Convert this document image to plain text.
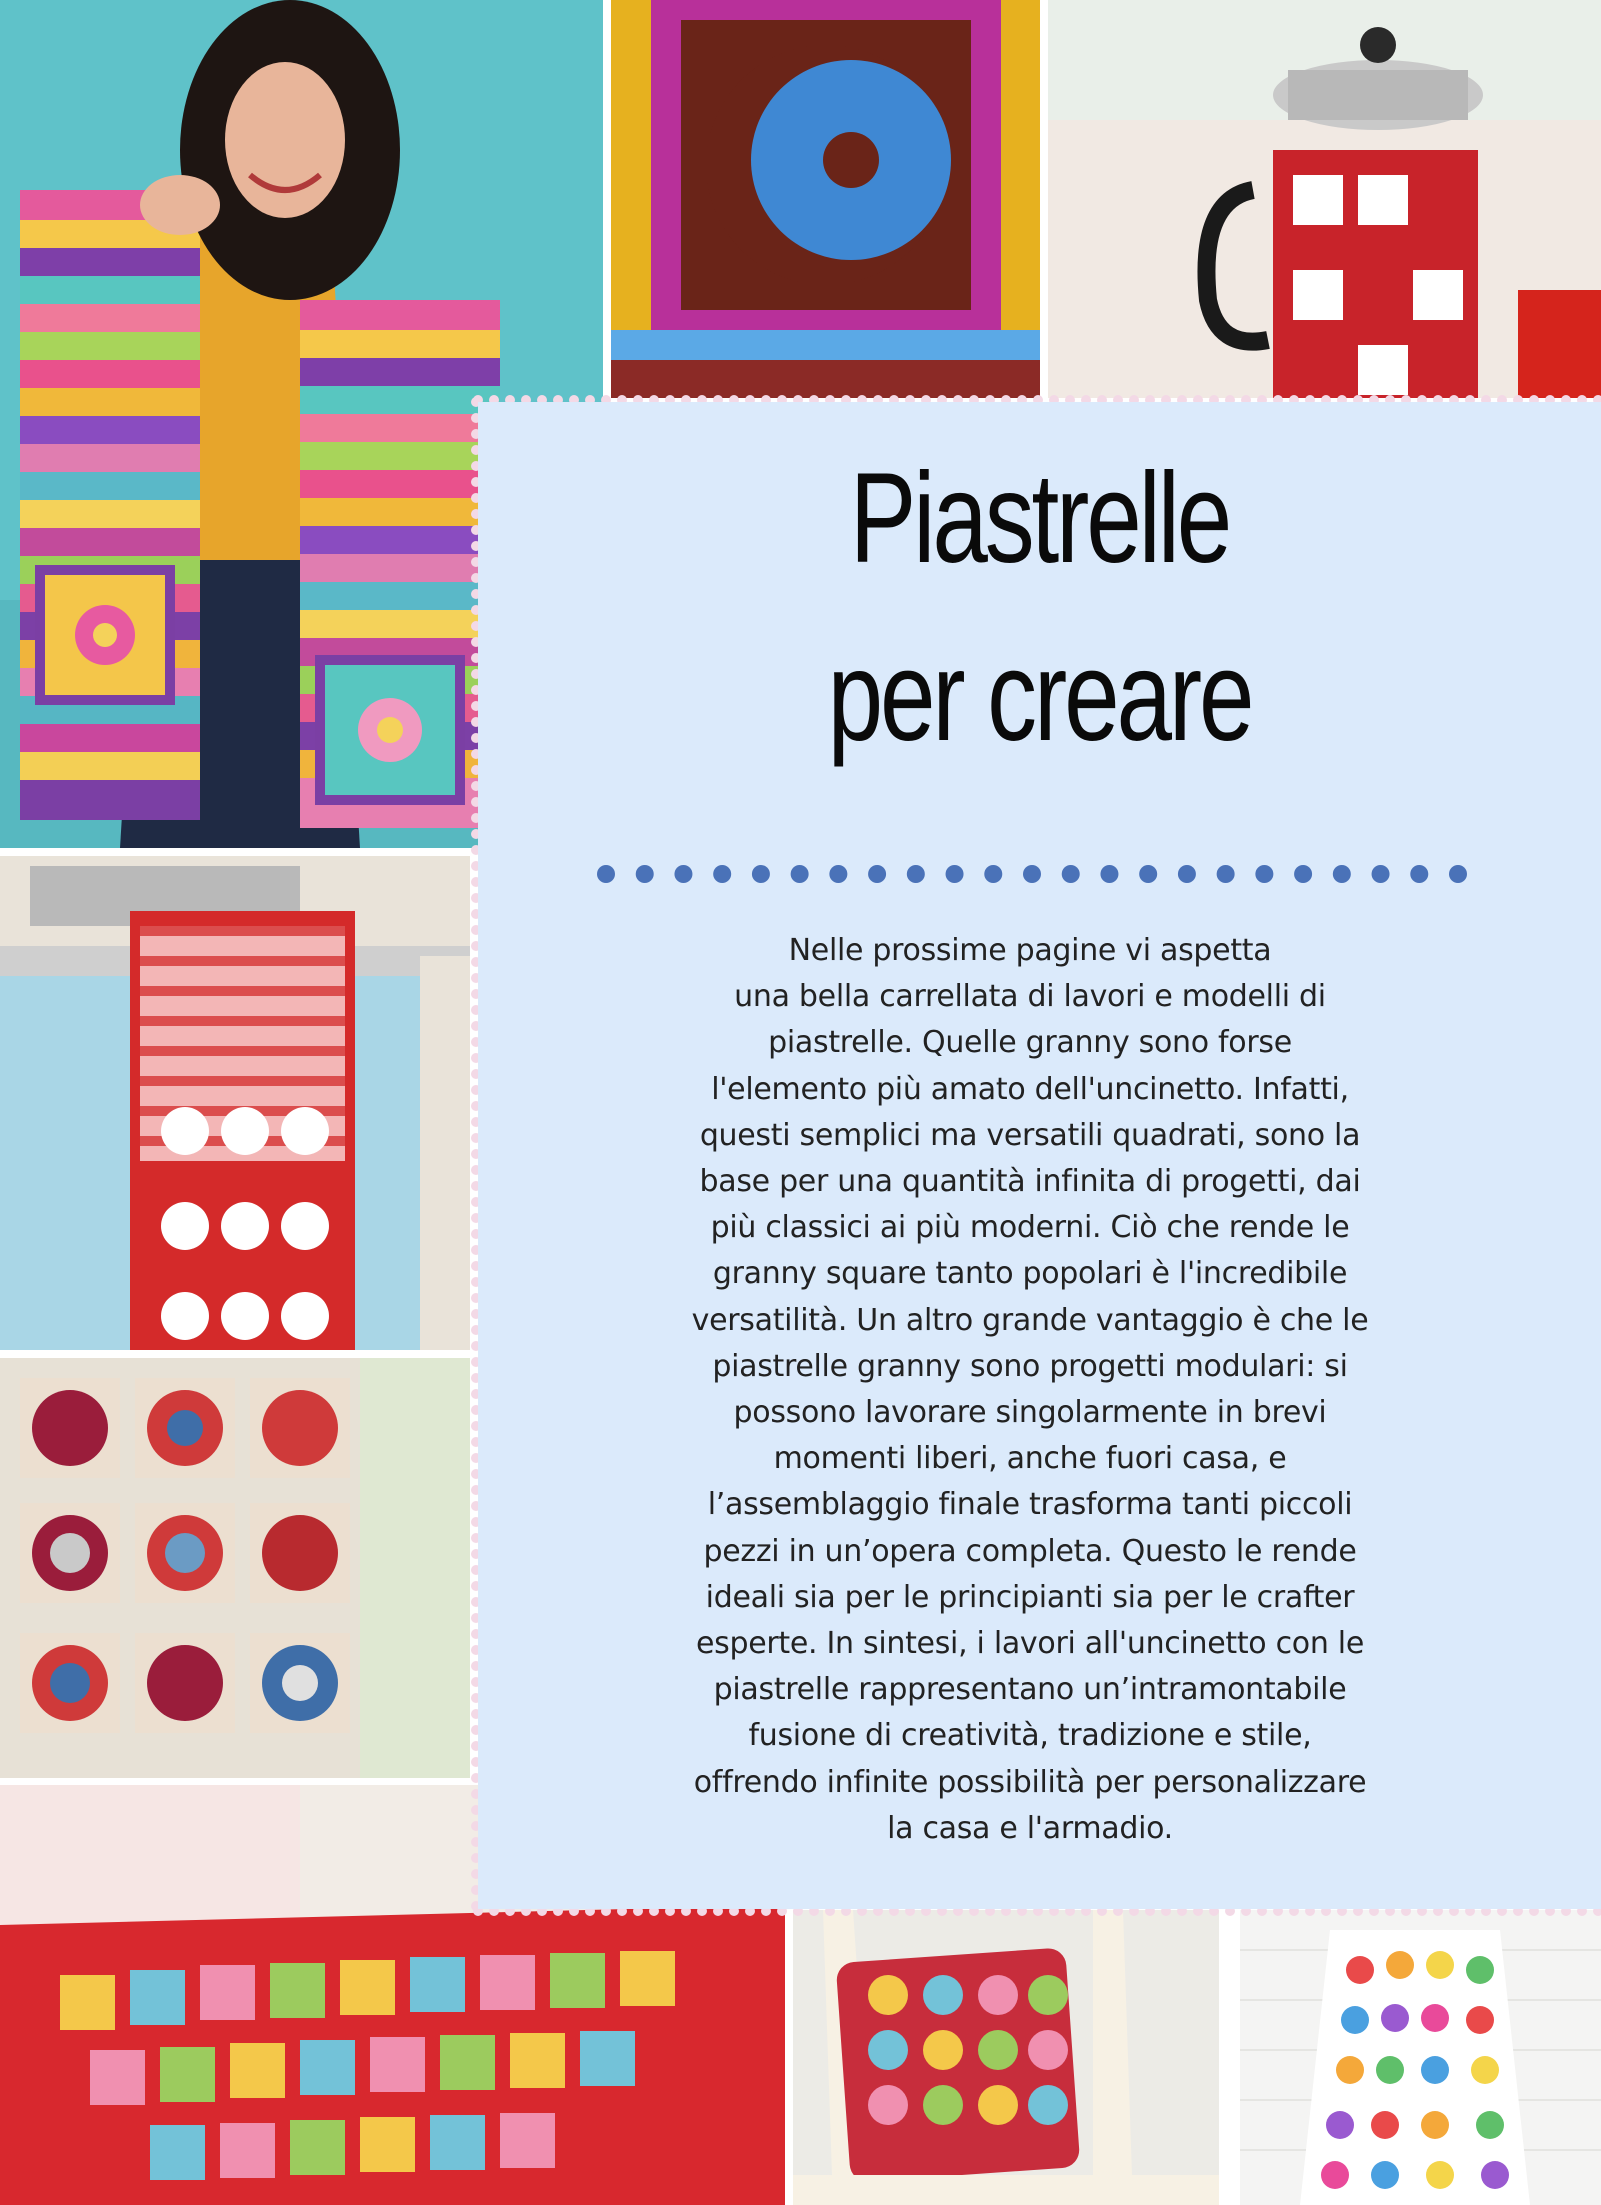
Piastrelle
per creare
Nelle prossime pagine vi aspetta
una bella carrellata di lavori e modelli di
piastrelle. Quelle granny sono forse
l'elemento più amato dell'uncinetto. Infatti,
questi semplici ma versatili quadrati, sono la
base per una quantità infinita di progetti, dai
più classici ai più moderni. Ciò che rende le
granny square tanto popolari è l'incredibile
versatilità. Un altro grande vantaggio è che le
piastrelle granny sono progetti modulari: si
possono lavorare singolarmente in brevi
momenti liberi, anche fuori casa, e
l’assemblaggio finale trasforma tanti piccoli
pezzi in un’opera completa. Questo le rende
ideali sia per le principianti sia per le crafter
esperte. In sintesi, i lavori all'uncinetto con le
piastrelle rappresentano un’intramontabile
fusione di creatività, tradizione e stile,
offrendo infinite possibilità per personalizzare
la casa e l'armadio.
